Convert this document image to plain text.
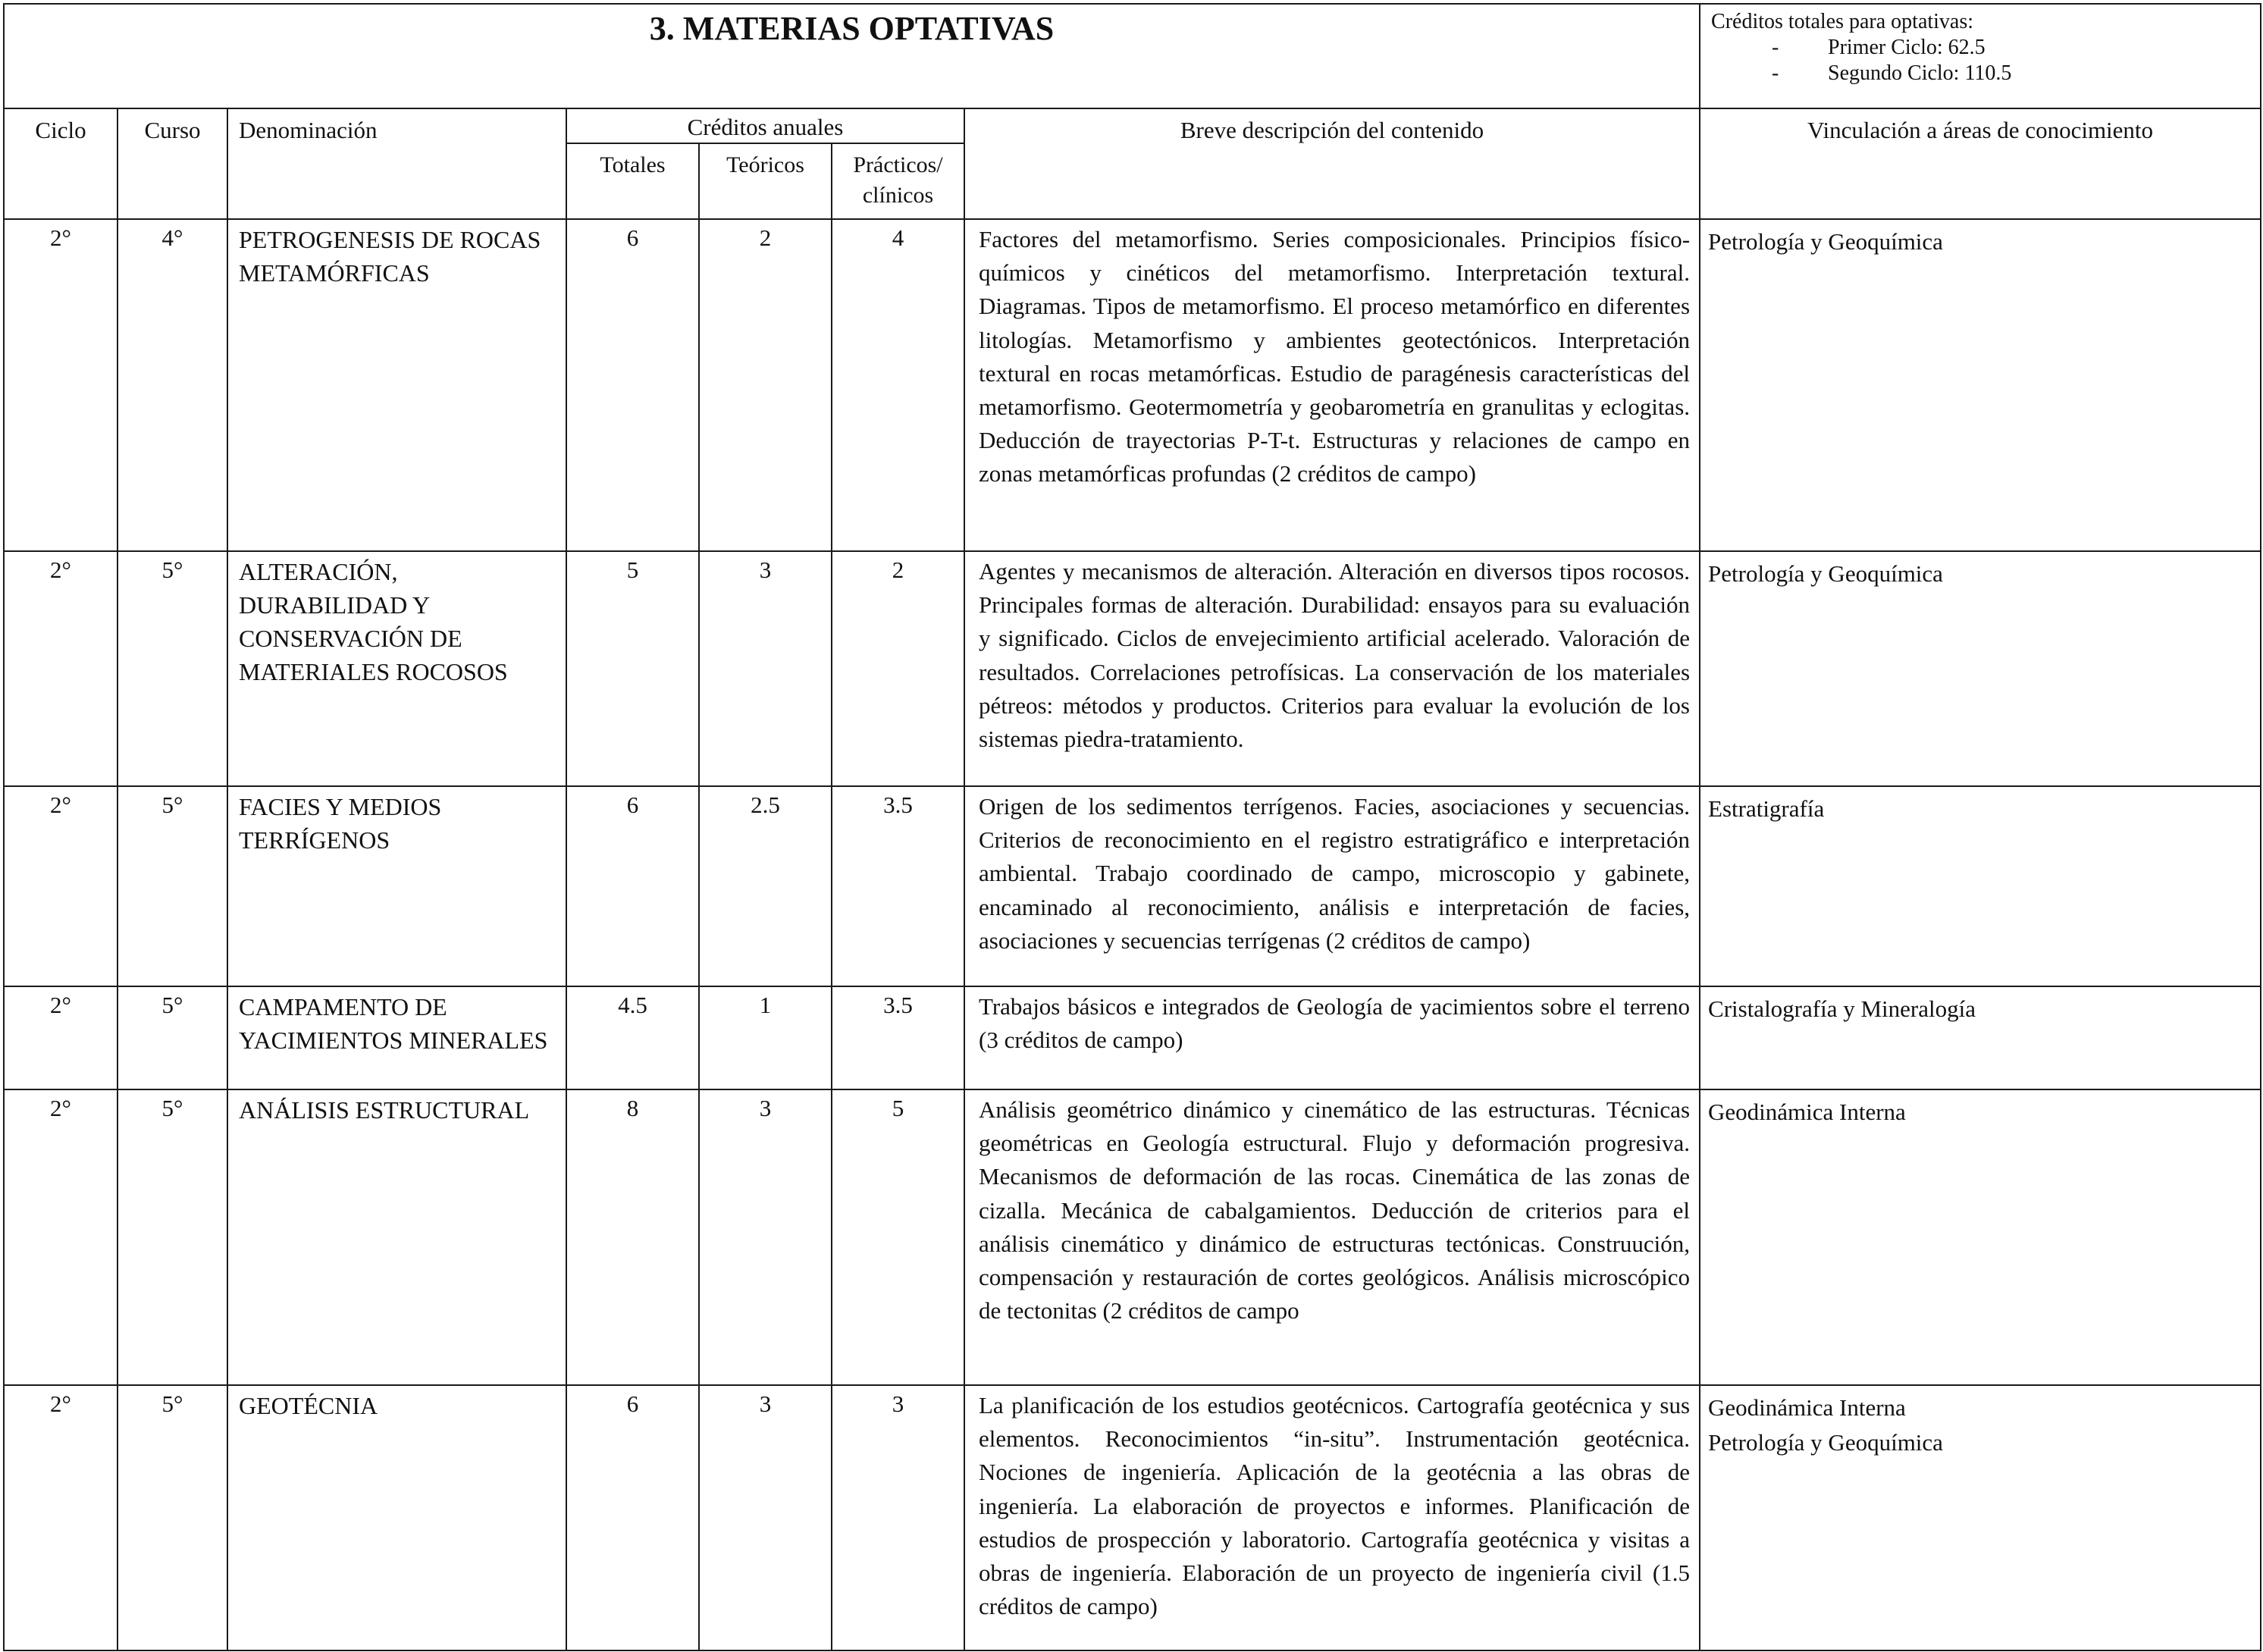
3. MATERIAS OPTATIVAS							Créditos totales para optativas:
- Primer Ciclo: 62.5
- Segundo Ciclo: 110.5

Ciclo	Curso	Denominación	Créditos anuales			Breve descripción del contenido	Vinculación a áreas de conocimiento
			Totales	Teóricos	Prácticos/ clínicos		
2°	4°	PETROGENESIS DE ROCAS METAMÓRFICAS	6	2	4	Factores del metamorfismo. Series composicionales. Principios físico-químicos y cinéticos del metamorfismo. Interpretación textural. Diagramas. Tipos de metamorfismo. El proceso metamórfico en diferentes litologías. Metamorfismo y ambientes geotectónicos. Interpretación textural en rocas metamórficas. Estudio de paragénesis características del metamorfismo. Geotermometría y geobarometría en granulitas y eclogitas. Deducción de trayectorias P-T-t. Estructuras y relaciones de campo en zonas metamórficas profundas (2 créditos de campo)	Petrología y Geoquímica

2°	5°	ALTERACIÓN, DURABILIDAD Y CONSERVACIÓN DE MATERIALES ROCOSOS	5	3	2	Agentes y mecanismos de alteración. Alteración en diversos tipos rocosos. Principales formas de alteración. Durabilidad: ensayos para su evaluación y significado. Ciclos de envejecimiento artificial acelerado. Valoración de resultados. Correlaciones petrofísicas. La conservación de los materiales pétreos: métodos y productos. Criterios para evaluar la evolución de los sistemas piedra-tratamiento.	Petrología y Geoquímica

2°	5°	FACIES Y MEDIOS TERRÍGENOS	6	2.5	3.5	Origen de los sedimentos terrígenos. Facies, asociaciones y secuencias. Criterios de reconocimiento en el registro estratigráfico e interpretación ambiental. Trabajo coordinado de campo, microscopio y gabinete, encaminado al reconocimiento, análisis e interpretación de facies, asociaciones y secuencias terrígenas (2 créditos de campo)	Estratigrafía

2°	5°	CAMPAMENTO DE YACIMIENTOS MINERALES	4.5	1	3.5	Trabajos básicos e integrados de Geología de yacimientos sobre el terreno (3 créditos de campo)	Cristalografía y Mineralogía

2°	5°	ANÁLISIS ESTRUCTURAL	8	3	5	Análisis geométrico dinámico y cinemático de las estructuras. Técnicas geométricas en Geología estructural. Flujo y deformación progresiva. Mecanismos de deformación de las rocas. Cinemática de las zonas de cizalla. Mecánica de cabalgamientos. Deducción de criterios para el análisis cinemático y dinámico de estructuras tectónicas. Construución, compensación y restauración de cortes geológicos. Análisis microscópico de tectonitas (2 créditos de campo	Geodinámica Interna

2°	5°	GEOTÉCNIA	6	3	3	La planificación de los estudios geotécnicos. Cartografía geotécnica y sus elementos. Reconocimientos “in-situ”. Instrumentación geotécnica. Nociones de ingeniería. Aplicación de la geotécnia a las obras de ingeniería. La elaboración de proyectos e informes. Planificación de estudios de prospección y laboratorio. Cartografía geotécnica y visitas a obras de ingeniería. Elaboración de un proyecto de ingeniería civil (1.5 créditos de campo)	Geodinámica Interna
Petrología y Geoquímica
